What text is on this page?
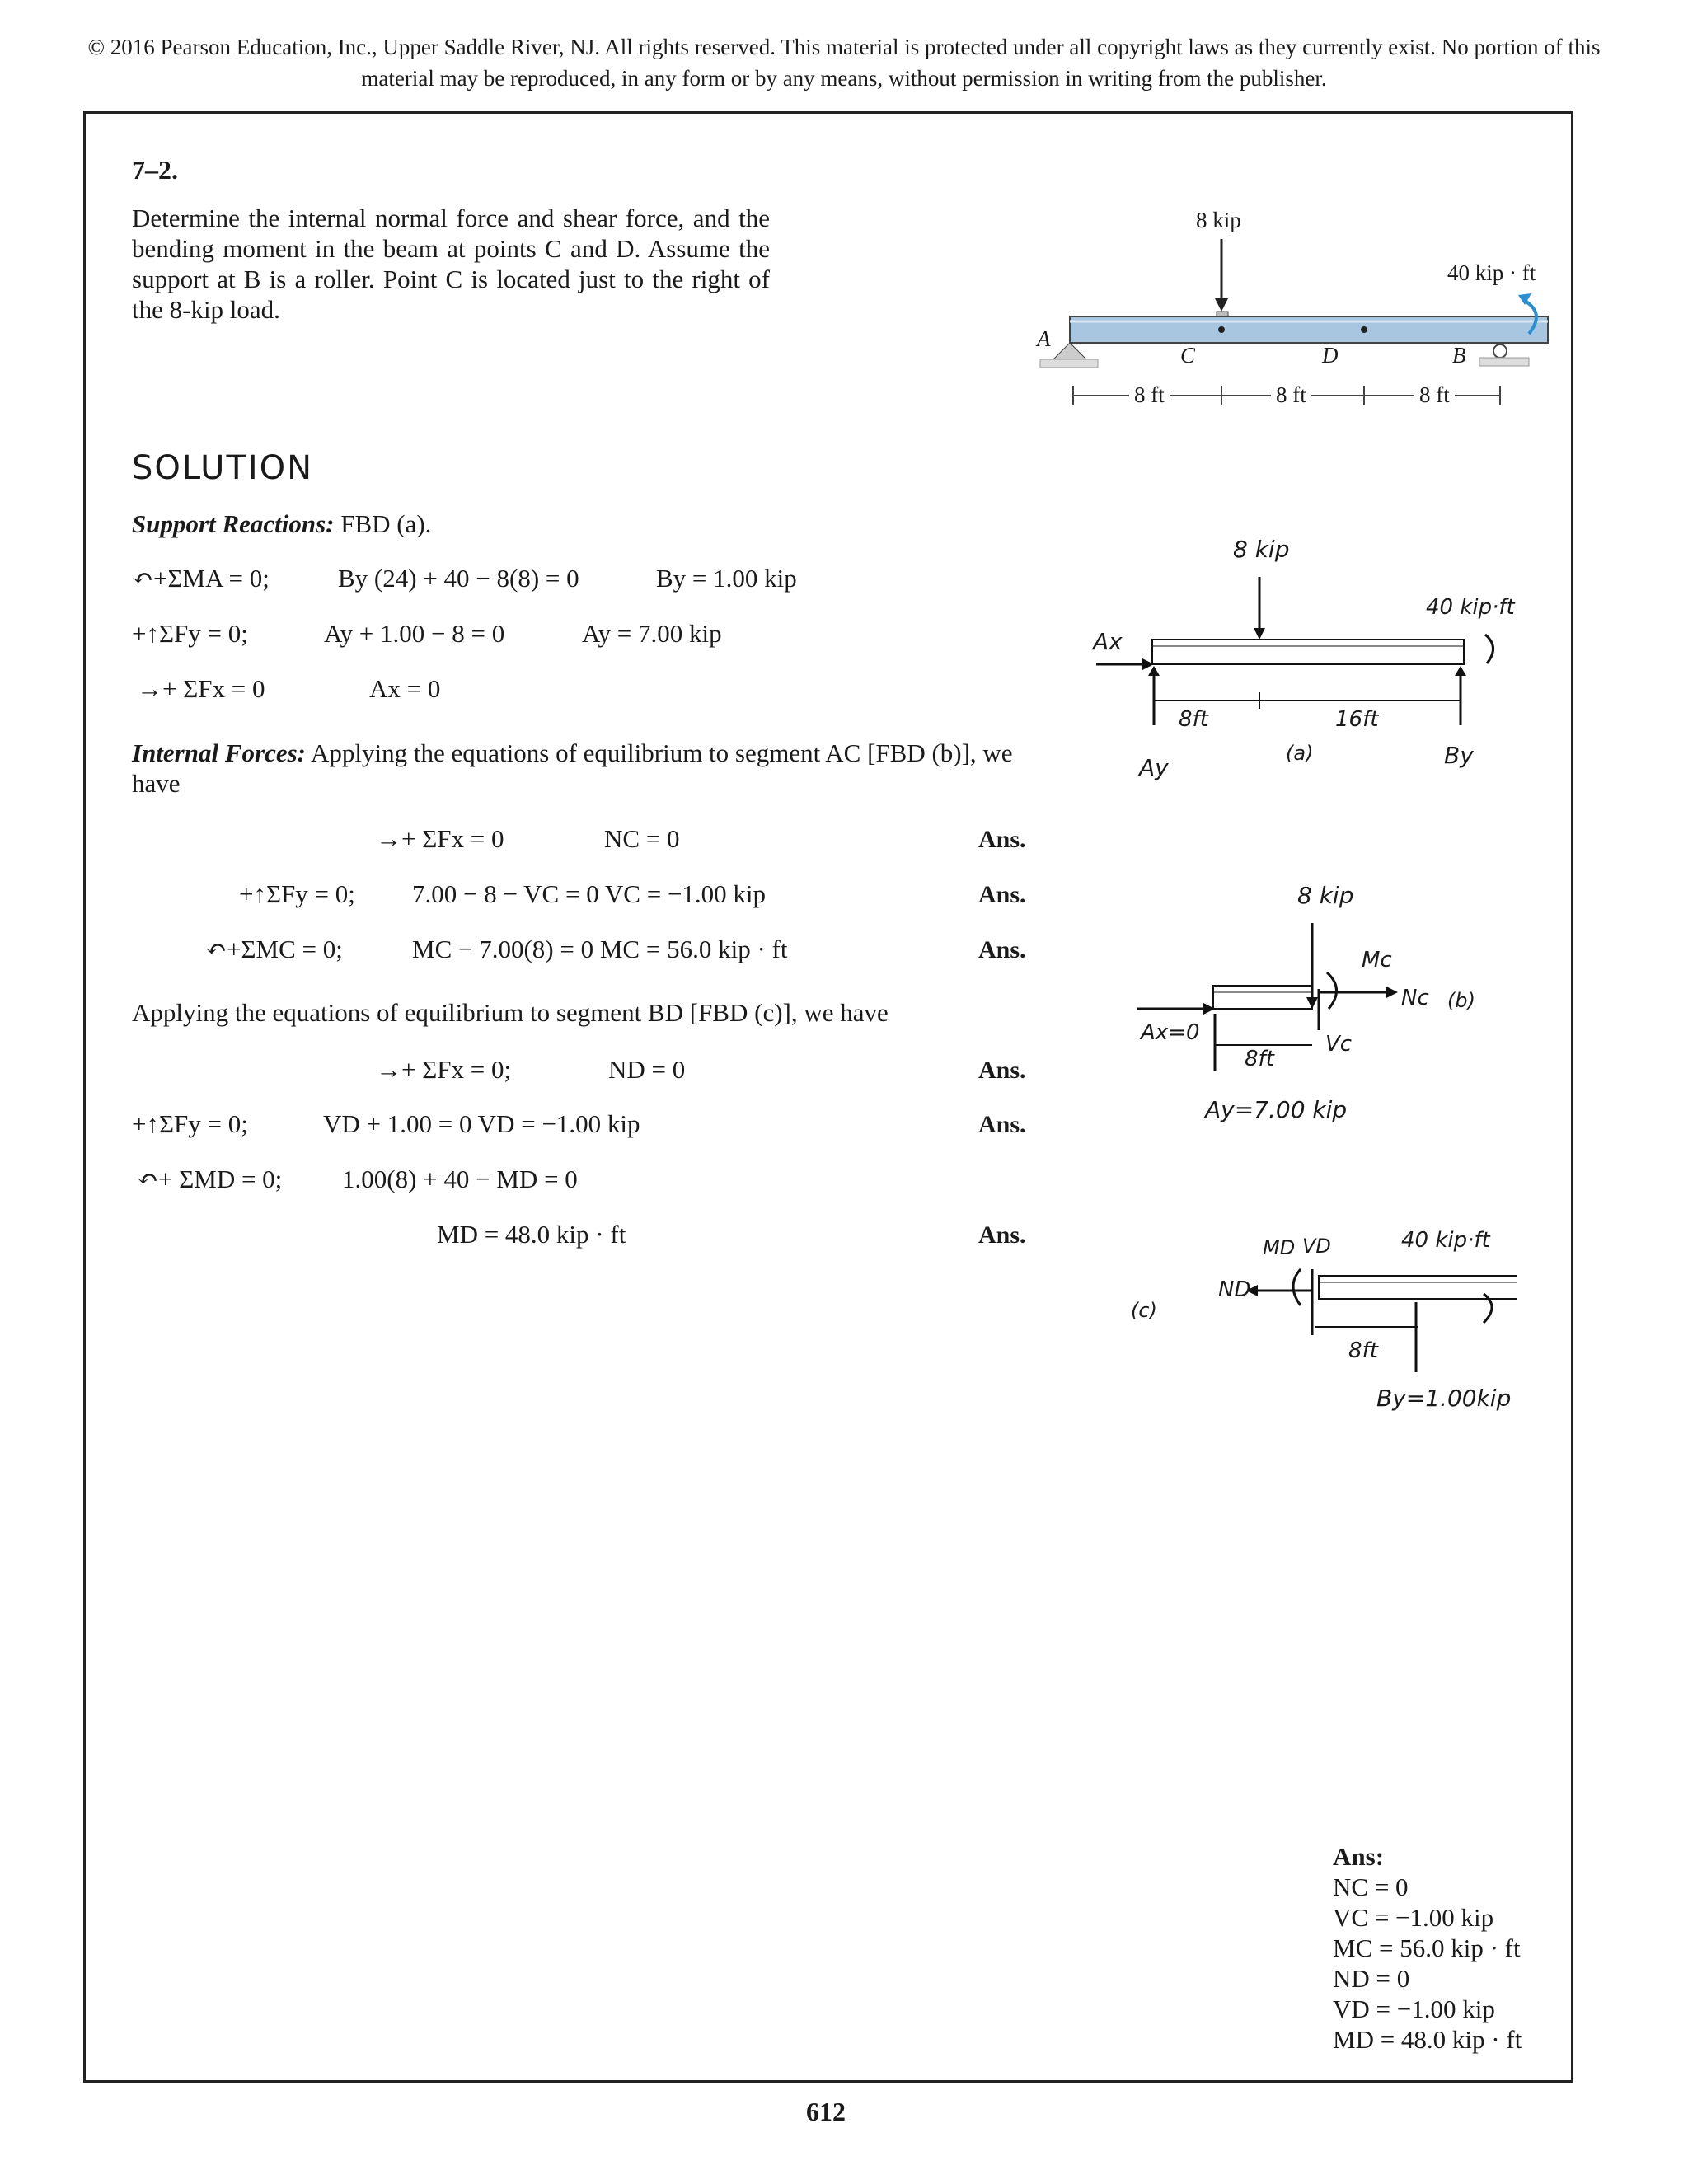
© 2016 Pearson Education, Inc., Upper Saddle River, NJ. All rights reserved. This material is protected under all copyright laws as they currently exist. No portion of this material may be reproduced, in any form or by any means, without permission in writing from the publisher.
7–2.
Determine the internal normal force and shear force, and the bending moment in the beam at points C and D. Assume the support at B is a roller. Point C is located just to the right of the 8-kip load.
SOLUTION
Support Reactions: FBD (a).
↶+ΣMA = 0;	By (24) + 40 − 8(8) = 0	By = 1.00 kip
+↑ΣFy = 0;	Ay + 1.00 − 8 = 0	Ay = 7.00 kip
→+ ΣFx = 0	Ax = 0
Internal Forces: Applying the equations of equilibrium to segment AC [FBD (b)], we have
→+ ΣFx = 0	NC = 0	Ans.
+↑ΣFy = 0; 7.00 − 8 − VC = 0 VC = −1.00 kip	Ans.
↶+ΣMC = 0;	MC − 7.00(8) = 0 MC = 56.0 kip · ft	Ans.
Applying the equations of equilibrium to segment BD [FBD (c)], we have
→+ ΣFx = 0;	ND = 0	Ans.
+↑ΣFy = 0;	VD + 1.00 = 0 VD = −1.00 kip	Ans.
↶+ ΣMD = 0; 1.00(8) + 40 − MD = 0
MD = 48.0 kip · ft	Ans.
8 kip
40 kip · ft
A
C	D	B
8 ft	8 ft	8 ft
8 kip
40 kip·ft
Ax
Ay	By
8ft	16ft
(a)
8 kip
Mc
Nc (b)
Vc
Ax=0
8ft
Ay=7.00 kip
MD VD
ND
40 kip·ft
(c)
8ft
By=1.00kip
Ans:
NC = 0
VC = −1.00 kip
MC = 56.0 kip · ft
ND = 0
VD = −1.00 kip
MD = 48.0 kip · ft
612
